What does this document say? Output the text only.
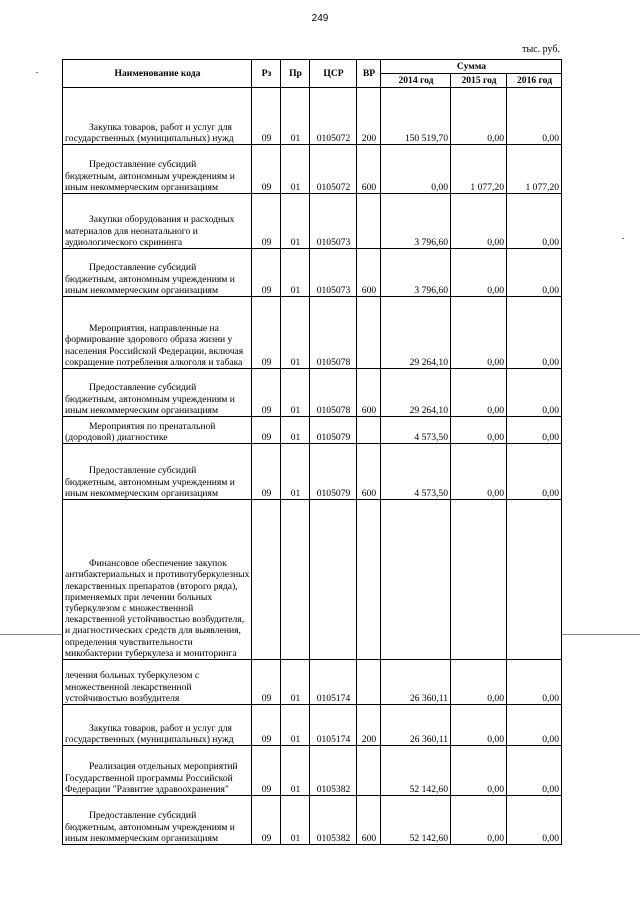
249
тыс. руб.
Наименование кода	Рз	Пр	ЦСР	ВР	Сумма		
					2014 год	2015 год	2016 год

Закупка товаров, работ и услуг для государственных (муниципальных) нужд	09	01	0105072	200	150 519,70	0,00	0,00

Предоставление субсидий бюджетным, автономным учреждениям и иным некоммерческим организациям	09	01	0105072	600	0,00	1 077,20	1 077,20

Закупки оборудования и расходных материалов для неонатального и аудиологического скрининга	09	01	0105073		3 796,60	0,00	0,00

Предоставление субсидий бюджетным, автономным учреждениям и иным некоммерческим организациям	09	01	0105073	600	3 796,60	0,00	0,00

Мероприятия, направленные на формирование здорового образа жизни у населения Российской Федерации, включая сокращение потребления алкоголя и табака	09	01	0105078		29 264,10	0,00	0,00

Предоставление субсидий бюджетным, автономным учреждениям и иным некоммерческим организациям	09	01	0105078	600	29 264,10	0,00	0,00

Мероприятия по пренатальной (дородовой) диагностике	09	01	0105079		4 573,50	0,00	0,00

Предоставление субсидий бюджетным, автономным учреждениям и иным некоммерческим организациям	09	01	0105079	600	4 573,50	0,00	0,00

Финансовое обеспечение закупок антибактериальных и противотуберкулезных лекарственных препаратов (второго ряда), применяемых при лечении больных туберкулезом с множественной лекарственной устойчивостью возбудителя, и диагностических средств для выявления, определения чувствительности микобактерии туберкулеза и мониторинга							

лечения больных туберкулезом с множественной лекарственной устойчивостью возбудителя	09	01	0105174		26 360,11	0,00	0,00

Закупка товаров, работ и услуг для государственных (муниципальных) нужд	09	01	0105174	200	26 360,11	0,00	0,00

Реализация отдельных мероприятий Государственной программы Российской Федерации "Развитие здравоохранения"	09	01	0105382		52 142,60	0,00	0,00

Предоставление субсидий бюджетным, автономным учреждениям и иным некоммерческим организациям	09	01	0105382	600	52 142,60	0,00	0,00
